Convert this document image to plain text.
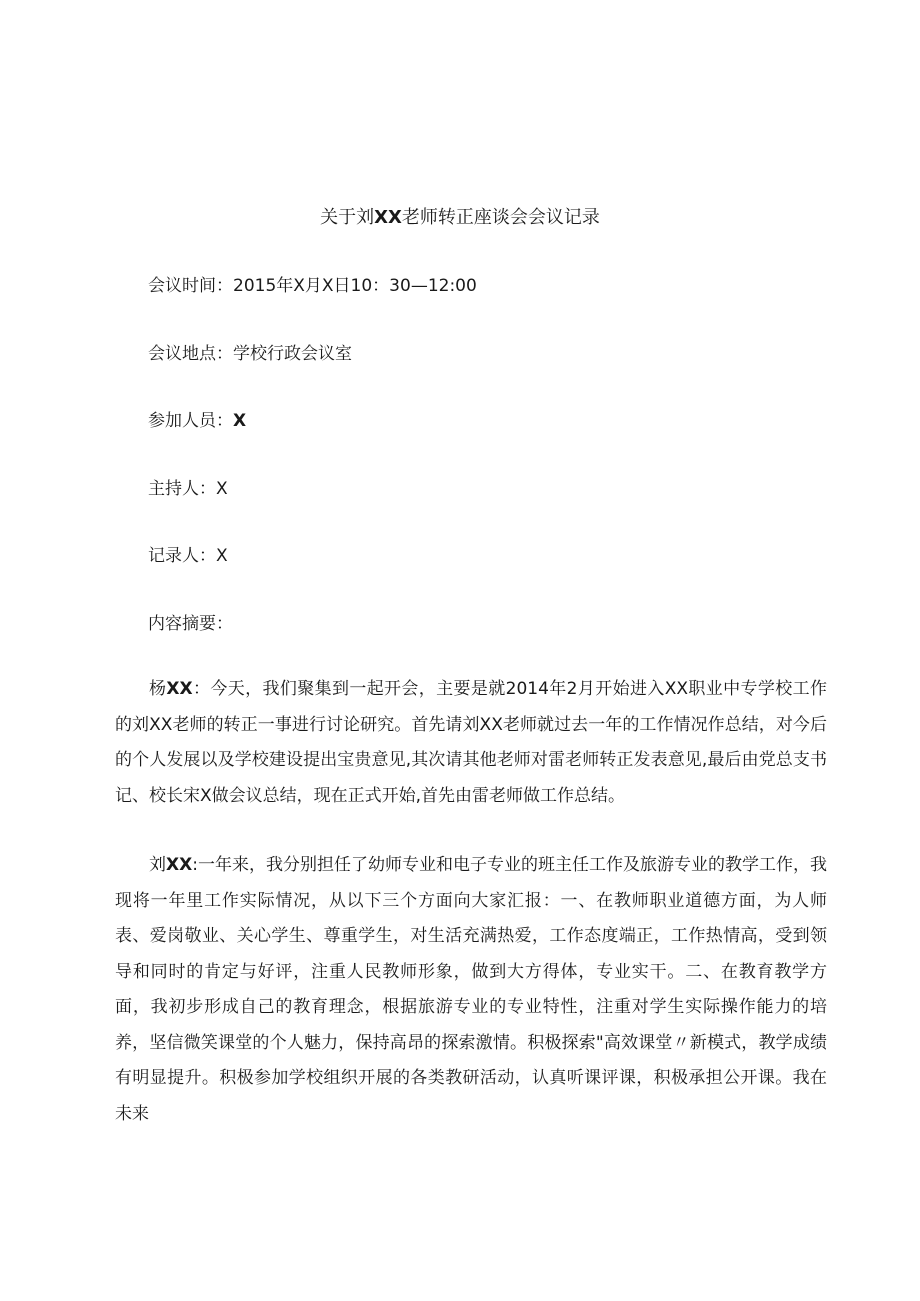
关于刘XX老师转正座谈会会议记录
会议时间：2015年X月X日10：30—12:00
会议地点：学校行政会议室
参加人员：X
主持人：X
记录人：X
内容摘要：

杨XX：今天，我们聚集到一起开会，主要是就2014年2月开始进入XX职业中专学校工作的刘XX老师的转正一事进行讨论研究。首先请刘XX老师就过去一年的工作情况作总结，对今后的个人发展以及学校建设提出宝贵意见,其次请其他老师对雷老师转正发表意见,最后由党总支书记、校长宋X做会议总结，现在正式开始,首先由雷老师做工作总结。

刘XX:一年来，我分别担任了幼师专业和电子专业的班主任工作及旅游专业的教学工作，我现将一年里工作实际情况，从以下三个方面向大家汇报：一、在教师职业道德方面，为人师表、爱岗敬业、关心学生、尊重学生，对生活充满热爱，工作态度端正，工作热情高，受到领导和同时的肯定与好评，注重人民教师形象，做到大方得体，专业实干。二、在教育教学方面，我初步形成自己的教育理念，根据旅游专业的专业特性，注重对学生实际操作能力的培养，坚信微笑课堂的个人魅力，保持高昂的探索激情。积极探索"高效课堂〃新模式，教学成绩有明显提升。积极参加学校组织开展的各类教研活动，认真听课评课，积极承担公开课。我在未来
